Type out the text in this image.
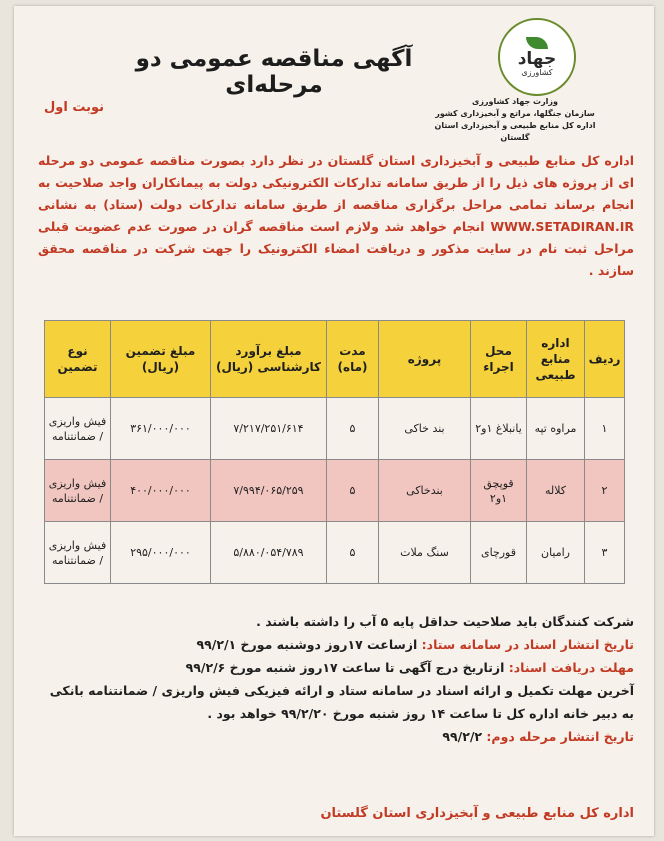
جهاد
کشاورزی
وزارت جهاد کشاورزی
سازمان جنگلها، مراتع و آبخیزداری کشور
اداره کل منابع طبیعی و آبخیزداری استان گلستان
آگهی مناقصه عمومی دو مرحله‌ای
نوبت اول
اداره کل منابع طبیعی و آبخیزداری استان گلستان در نظر دارد بصورت مناقصه عمومی دو مرحله ای از پروژه های ذیل را از طریق سامانه تدارکات الکترونیکی دولت به پیمانکاران واجد صلاحیت به انجام برساند تمامی مراحل برگزاری مناقصه از طریق سامانه تدارکات دولت (ستاد) به نشانی WWW.SETADIRAN.IR انجام خواهد شد ولازم است مناقصه گران در صورت عدم عضویت قبلی مراحل ثبت نام در سایت مذکور و دریافت امضاء الکترونیک را جهت شرکت در مناقصه محقق سازند .
ردیف	اداره منابع طبیعی	محل اجراء	پروژه	مدت (ماه)	مبلغ برآورد کارشناسی (ریال)	مبلغ تضمین (ریال)	نوع تضمین
۱	مراوه تپه	یانبلاغ ۱و۲	بند خاکی	۵	۷/۲۱۷/۲۵۱/۶۱۴	۳۶۱/۰۰۰/۰۰۰	فیش واریزی / ضمانتنامه
۲	کلاله	قوپچق ۱و۲	بندخاکی	۵	۷/۹۹۴/۰۶۵/۲۵۹	۴۰۰/۰۰۰/۰۰۰	فیش واریزی / ضمانتنامه
۳	رامیان	قورچای	سنگ ملات	۵	۵/۸۸۰/۰۵۴/۷۸۹	۲۹۵/۰۰۰/۰۰۰	فیش واریزی / ضمانتنامه

شرکت کنندگان باید صلاحیت حداقل پایه ۵ آب را داشته باشند .

تاریخ انتشار اسناد در سامانه ستاد: ازساعت ۱۷روز دوشنبه مورخ ۹۹/۲/۱

مهلت دریافت اسناد: ازتاریخ درج آگهی تا ساعت ۱۷روز شنبه مورخ ۹۹/۲/۶

آخرین مهلت تکمیل و ارائه اسناد در سامانه ستاد و ارائه فیزیکی فیش واریزی / ضمانتنامه بانکی به دبیر خانه اداره کل تا ساعت ۱۴ روز شنبه مورخ ۹۹/۲/۲۰ خواهد بود .

تاریخ انتشار مرحله دوم: ۹۹/۲/۲

اداره کل منابع طبیعی و آبخیزداری استان گلستان
